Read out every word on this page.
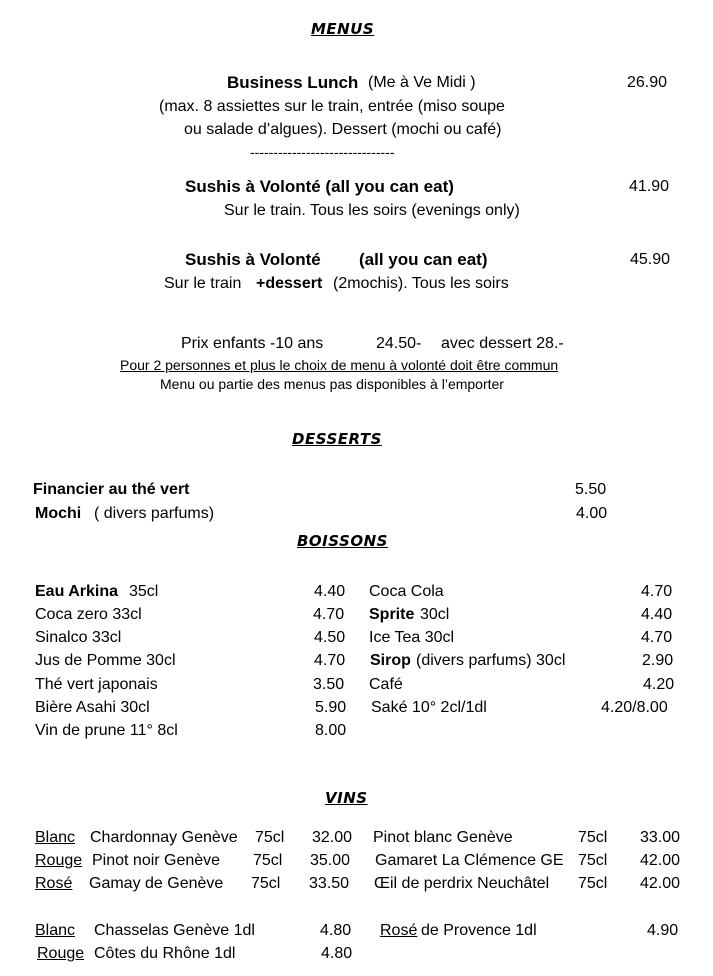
MENUS
Business Lunch (Me à Ve Midi )	26.90
(max. 8 assiettes sur le train, entrée (miso soupe
ou salade d’algues). Dessert (mochi ou café)
-------------------------------
Sushis à Volonté (all you can eat)	41.90
Sur le train. Tous les soirs (evenings only)
Sushis à Volonté (all you can eat)	45.90
Sur le train +dessert (2mochis). Tous les soirs
Prix enfants -10 ans	24.50- avec dessert 28.-
Pour 2 personnes et plus le choix de menu à volonté doit être commun
Menu ou partie des menus pas disponibles à l’emporter
DESSERTS
Financier au thé vert	5.50
Mochi ( divers parfums)	4.00
BOISSONS
Eau Arkina 35cl	4.40
Coca zero 33cl	4.70
Sinalco 33cl	4.50
Jus de Pomme 30cl	4.70
Thé vert japonais	3.50
Bière Asahi 30cl	5.90
Vin de prune 11° 8cl	8.00
Coca Cola	4.70
Sprite 30cl	4.40
Ice Tea 30cl	4.70
Sirop (divers parfums) 30cl	2.90
Café	4.20
Saké 10° 2cl/1dl	4.20/8.00
VINS
Blanc Chardonnay Genève 75cl 32.00
Rouge Pinot noir Genève 75cl 35.00
Rosé Gamay de Genève 75cl 33.50
Pinot blanc Genève	75cl 33.00
Gamaret La Clémence GE 75cl 42.00
Œil de perdrix Neuchâtel 75cl 42.00
Blanc Chasselas Genève 1dl	4.80
Rouge Côtes du Rhône 1dl	4.80
Rosé de Provence 1dl	4.90
